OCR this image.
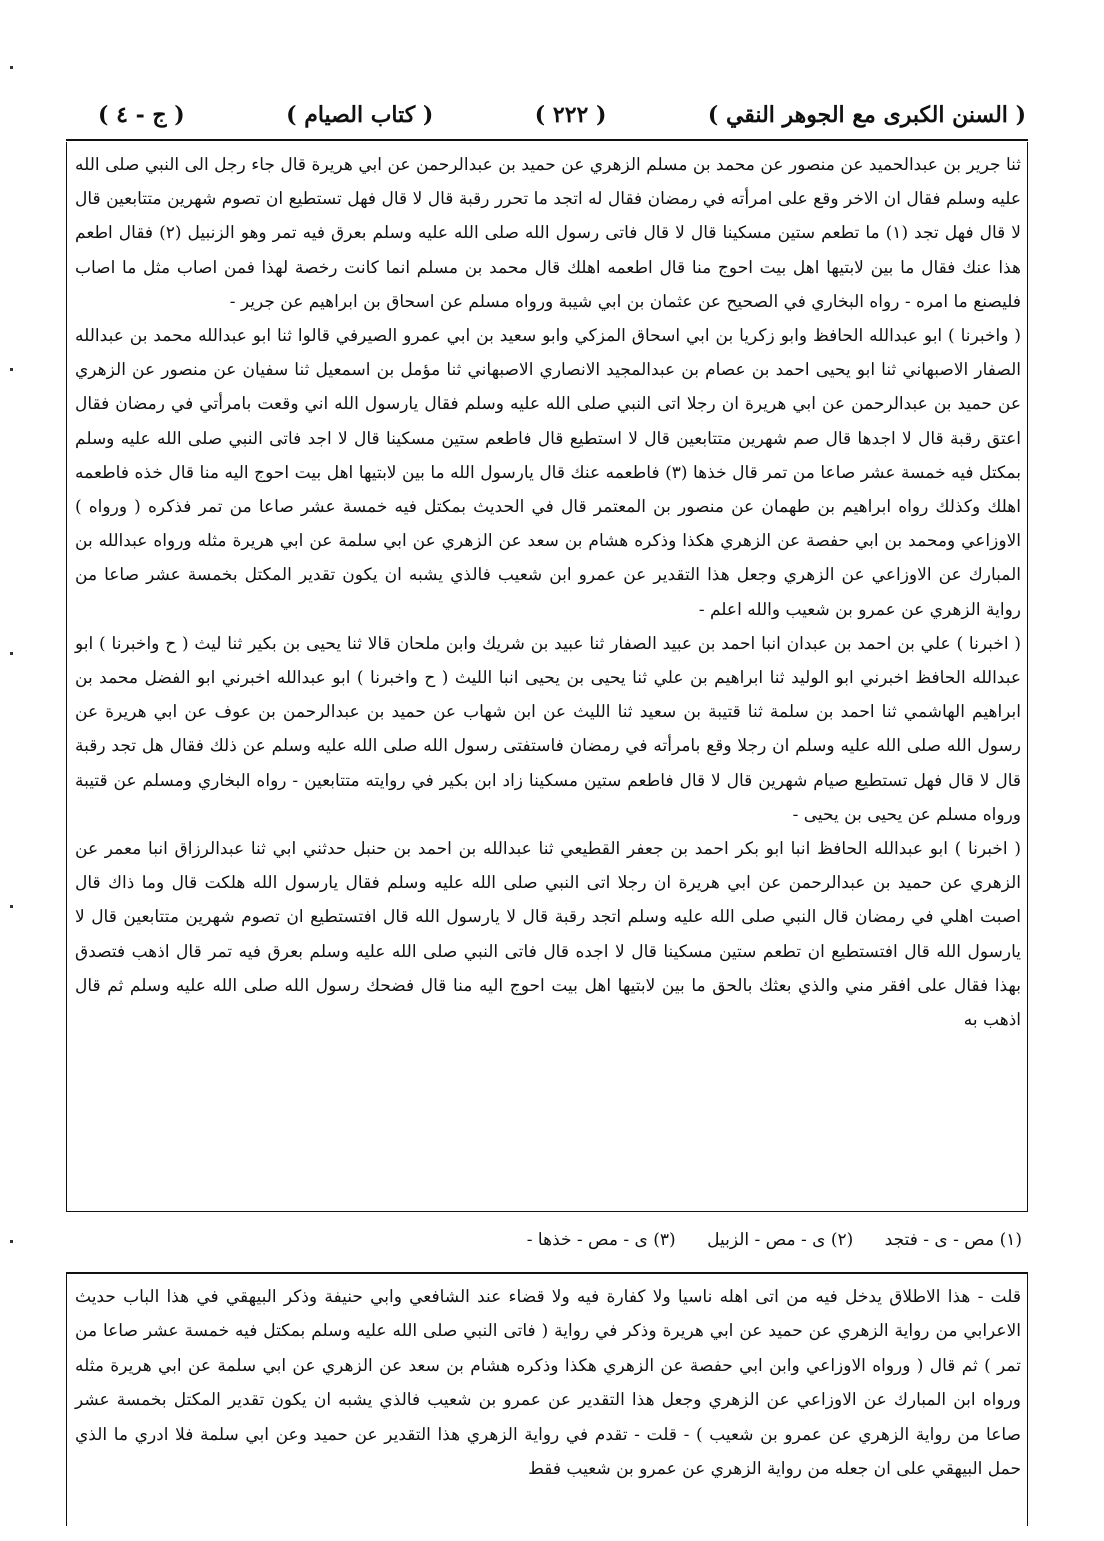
( السنن الكبرى مع الجوهر النقي )
( ٢٢٢ )
( كتاب الصيام )
( ج - ٤ )

ثنا جرير بن عبدالحميد عن منصور عن محمد بن مسلم الزهري عن حميد بن عبدالرحمن عن ابي هريرة قال جاء رجل الى النبي صلى الله عليه وسلم فقال ان الاخر وقع على امرأته في رمضان فقال له اتجد ما تحرر رقبة قال لا قال فهل تستطيع ان تصوم شهرين متتابعين قال لا قال فهل تجد (١) ما تطعم ستين مسكينا قال لا قال فاتى رسول الله صلى الله عليه وسلم بعرق فيه تمر وهو الزنبيل (٢) فقال اطعم هذا عنك فقال ما بين لابتيها اهل بيت احوج منا قال اطعمه اهلك قال محمد بن مسلم انما كانت رخصة لهذا فمن اصاب مثل ما اصاب فليصنع ما امره - رواه البخاري في الصحيح عن عثمان بن ابي شيبة ورواه مسلم عن اسحاق بن ابراهيم عن جرير -

( واخبرنا ) ابو عبدالله الحافظ وابو زكريا بن ابي اسحاق المزكي وابو سعيد بن ابي عمرو الصيرفي قالوا ثنا ابو عبدالله محمد بن عبدالله الصفار الاصبهاني ثنا ابو يحيى احمد بن عصام بن عبدالمجيد الانصاري الاصبهاني ثنا مؤمل بن اسمعيل ثنا سفيان عن منصور عن الزهري عن حميد بن عبدالرحمن عن ابي هريرة ان رجلا اتى النبي صلى الله عليه وسلم فقال يارسول الله اني وقعت بامرأتي في رمضان فقال اعتق رقبة قال لا اجدها قال صم شهرين متتابعين قال لا استطيع قال فاطعم ستين مسكينا قال لا اجد فاتى النبي صلى الله عليه وسلم بمكتل فيه خمسة عشر صاعا من تمر قال خذها (٣) فاطعمه عنك قال يارسول الله ما بين لابتيها اهل بيت احوج اليه منا قال خذه فاطعمه اهلك وكذلك رواه ابراهيم بن طهمان عن منصور بن المعتمر قال في الحديث بمكتل فيه خمسة عشر صاعا من تمر فذكره ( ورواه ) الاوزاعي ومحمد بن ابي حفصة عن الزهري هكذا وذكره هشام بن سعد عن الزهري عن ابي سلمة عن ابي هريرة مثله ورواه عبدالله بن المبارك عن الاوزاعي عن الزهري وجعل هذا التقدير عن عمرو ابن شعيب فالذي يشبه ان يكون تقدير المكتل بخمسة عشر صاعا من رواية الزهري عن عمرو بن شعيب والله اعلم -

( اخبرنا ) علي بن احمد بن عبدان انبا احمد بن عبيد الصفار ثنا عبيد بن شريك وابن ملحان قالا ثنا يحيى بن بكير ثنا ليث ( ح واخبرنا ) ابو عبدالله الحافظ اخبرني ابو الوليد ثنا ابراهيم بن علي ثنا يحيى بن يحيى انبا الليث ( ح واخبرنا ) ابو عبدالله اخبرني ابو الفضل محمد بن ابراهيم الهاشمي ثنا احمد بن سلمة ثنا قتيبة بن سعيد ثنا الليث عن ابن شهاب عن حميد بن عبدالرحمن بن عوف عن ابي هريرة عن رسول الله صلى الله عليه وسلم ان رجلا وقع بامرأته في رمضان فاستفتى رسول الله صلى الله عليه وسلم عن ذلك فقال هل تجد رقبة قال لا قال فهل تستطيع صيام شهرين قال لا قال فاطعم ستين مسكينا زاد ابن بكير في روايته متتابعين - رواه البخاري ومسلم عن قتيبة ورواه مسلم عن يحيى بن يحيى -

( اخبرنا ) ابو عبدالله الحافظ انبا ابو بكر احمد بن جعفر القطيعي ثنا عبدالله بن احمد بن حنبل حدثني ابي ثنا عبدالرزاق انبا معمر عن الزهري عن حميد بن عبدالرحمن عن ابي هريرة ان رجلا اتى النبي صلى الله عليه وسلم فقال يارسول الله هلكت قال وما ذاك قال اصبت اهلي في رمضان قال النبي صلى الله عليه وسلم اتجد رقبة قال لا يارسول الله قال افتستطيع ان تصوم شهرين متتابعين قال لا يارسول الله قال افتستطيع ان تطعم ستين مسكينا قال لا اجده قال فاتى النبي صلى الله عليه وسلم بعرق فيه تمر قال اذهب فتصدق بهذا فقال على افقر مني والذي بعثك بالحق ما بين لابتيها اهل بيت احوج اليه منا قال فضحك رسول الله صلى الله عليه وسلم ثم قال اذهب به

(١) مص - ى - فتجد (٢) ى - مص - الزبيل (٣) ى - مص - خذها -
قلت - هذا الاطلاق يدخل فيه من اتى اهله ناسيا ولا كفارة فيه ولا قضاء عند الشافعي وابي حنيفة وذكر البيهقي في هذا الباب حديث الاعرابي من رواية الزهري عن حميد عن ابي هريرة وذكر في رواية ( فاتى النبي صلى الله عليه وسلم بمكتل فيه خمسة عشر صاعا من تمر ) ثم قال ( ورواه الاوزاعي وابن ابي حفصة عن الزهري هكذا وذكره هشام بن سعد عن الزهري عن ابي سلمة عن ابي هريرة مثله ورواه ابن المبارك عن الاوزاعي عن الزهري وجعل هذا التقدير عن عمرو بن شعيب فالذي يشبه ان يكون تقدير المكتل بخمسة عشر صاعا من رواية الزهري عن عمرو بن شعيب ) - قلت - تقدم في رواية الزهري هذا التقدير عن حميد وعن ابي سلمة فلا ادري ما الذي حمل البيهقي على ان جعله من رواية الزهري عن عمرو بن شعيب فقط
